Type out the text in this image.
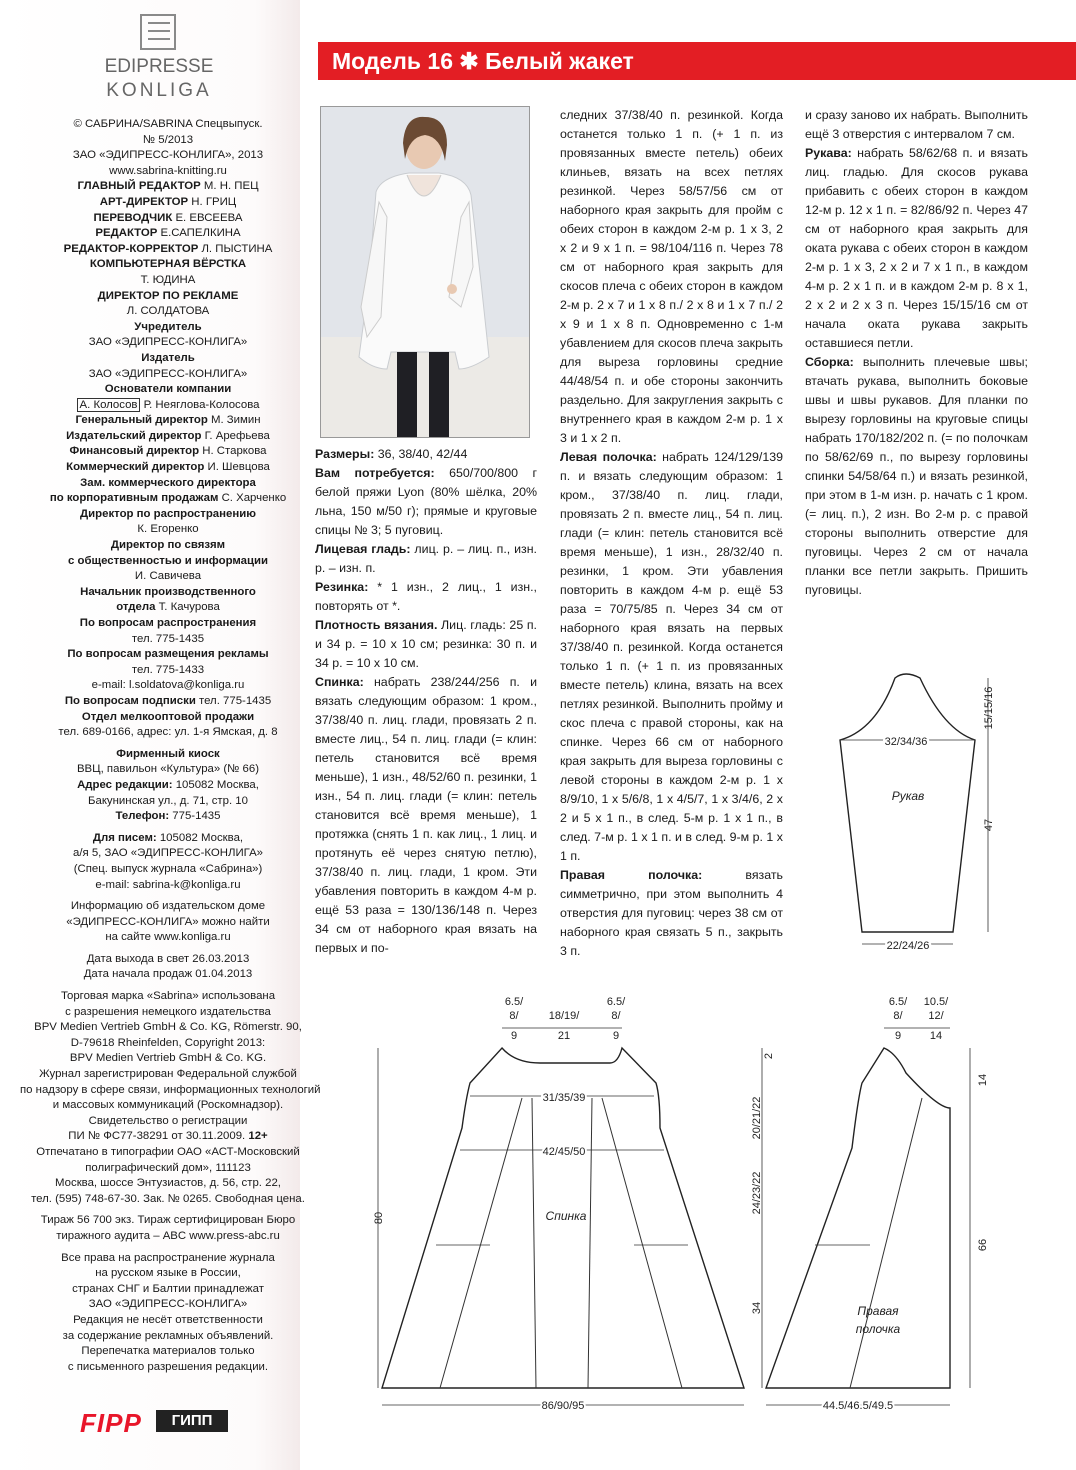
EDIPRESSE
KONLIGA
© САБРИНА/SABRINA Спецвыпуск.
№ 5/2013
ЗАО «ЭДИПРЕСС-КОНЛИГА», 2013
www.sabrina-knitting.ru
ГЛАВНЫЙ РЕДАКТОР М. Н. ПЕЦ
АРТ-ДИРЕКТОР Н. ГРИЦ
ПЕРЕВОДЧИК Е. ЕВСЕЕВА
РЕДАКТОР Е.САПЕЛКИНА
РЕДАКТОР-КОРРЕКТОР Л. ПЫСТИНА
КОМПЬЮТЕРНАЯ ВЁРСТКА
Т. ЮДИНА
ДИРЕКТОР ПО РЕКЛАМЕ
Л. СОЛДАТОВА
Учредитель
ЗАО «ЭДИПРЕСС-КОНЛИГА»
Издатель
ЗАО «ЭДИПРЕСС-КОНЛИГА»
Основатели компании
А. Колосов Р. Неяглова-Колосова
Генеральный директор М. Зимин
Издательский директор Г. Арефьева
Финансовый директор Н. Старкова
Коммерческий директор И. Шевцова
Зам. коммерческого директора
по корпоративным продажам С. Харченко
Директор по распространению
К. Егоренко
Директор по связям
с общественностью и информации
И. Савичева
Начальник производственного
отдела Т. Качурова
По вопросам распространения
тел. 775-1435
По вопросам размещения рекламы
тел. 775-1433
e-mail: l.soldatova@konliga.ru
По вопросам подписки тел. 775-1435
Отдел мелкооптовой продажи
тел. 689-0166, адрес: ул. 1-я Ямская, д. 8
Фирменный киоск
ВВЦ, павильон «Культура» (№ 66)
Адрес редакции: 105082 Москва,
Бакунинская ул., д. 71, стр. 10
Телефон: 775-1435
Для писем: 105082 Москва,
а/я 5, ЗАО «ЭДИПРЕСС-КОНЛИГА»
(Спец. выпуск журнала «Сабрина»)
e-mail: sabrina-k@konliga.ru
Информацию об издательском доме
«ЭДИПРЕСС-КОНЛИГА» можно найти
на сайте www.konliga.ru
Дата выхода в свет 26.03.2013
Дата начала продаж 01.04.2013
Торговая марка «Sabrina» использована
с разрешения немецкого издательства
BPV Medien Vertrieb GmbH & Co. KG, Römerstr. 90,
D-79618 Rheinfelden, Copyright 2013:
BPV Medien Vertrieb GmbH & Co. KG.
Журнал зарегистрирован Федеральной службой
по надзору в сфере связи, информационных технологий
и массовых коммуникаций (Роскомнадзор).
Свидетельство о регистрации
ПИ № ФС77-38291 от 30.11.2009. 12+
Отпечатано в типографии ОАО «АСТ-Московский
полиграфический дом», 111123
Москва, шоссе Энтузиастов, д. 56, стр. 22,
тел. (595) 748-67-30. Зак. № 0265. Свободная цена.
Тираж 56 700 экз. Тираж сертифицирован Бюро
тиражного аудита – ABC www.press-abc.ru
Все права на распространение журнала
на русском языке в России,
странах СНГ и Балтии принадлежат
ЗАО «ЭДИПРЕСС-КОНЛИГА»
Редакция не несёт ответственности
за содержание рекламных объявлений.
Перепечатка материалов только
с письменного разрешения редакции.
FIPP	ГИПП
Модель 16 ✱ Белый жакет

Размеры: 36, 38/40, 42/44

Вам потребуется: 650/700/800 г белой пряжи Lyon (80% шёлка, 20% льна, 150 м/50 г); прямые и круговые спицы № 3; 5 пуговиц.

Лицевая гладь: лиц. р. – лиц. п., изн. р. – изн. п.

Резинка: * 1 изн., 2 лиц., 1 изн., повторять от *.

Плотность вязания. Лиц. гладь: 25 п. и 34 р. = 10 x 10 см; резинка: 30 п. и 34 р. = 10 x 10 см.

Спинка: набрать 238/244/256 п. и вязать следующим образом: 1 кром., 37/38/40 п. лиц. глади, провязать 2 п. вместе лиц., 54 п. лиц. глади (= клин: петель становится всё время меньше), 1 изн., 48/52/60 п. резинки, 1 изн., 54 п. лиц. глади (= клин: петель становится всё время меньше), 1 протяжка (снять 1 п. как лиц., 1 лиц. и протянуть её через снятую петлю), 37/38/40 п. лиц. глади, 1 кром. Эти убавления повторить в каждом 4-м р. ещё 53 раза = 130/136/148 п. Через 34 см от наборного края вязать на первых и по-

следних 37/38/40 п. резинкой. Когда останется только 1 п. (+ 1 п. из провязанных вместе петель) обеих клиньев, вязать на всех петлях резинкой. Через 58/57/56 см от наборного края закрыть для пройм с обеих сторон в каждом 2-м р. 1 x 3, 2 x 2 и 9 x 1 п. = 98/104/116 п. Через 78 см от наборного края закрыть для скосов плеча с обеих сторон в каждом 2-м р. 2 x 7 и 1 x 8 п./ 2 x 8 и 1 x 7 п./ 2 x 9 и 1 x 8 п. Одновременно с 1-м убавлением для скосов плеча закрыть для выреза горловины средние 44/48/54 п. и обе стороны закончить раздельно. Для закругления закрыть с внутреннего края в каждом 2-м р. 1 x 3 и 1 x 2 п.

Левая полочка: набрать 124/129/139 п. и вязать следующим образом: 1 кром., 37/38/40 п. лиц. глади, провязать 2 п. вместе лиц., 54 п. лиц. глади (= клин: петель становится всё время меньше), 1 изн., 28/32/40 п. резинки, 1 кром. Эти убавления повторить в каждом 4-м р. ещё 53 раза = 70/75/85 п. Через 34 см от наборного края вязать на первых 37/38/40 п. резинкой. Когда останется только 1 п. (+ 1 п. из провязанных вместе петель) клина, вязать на всех петлях резинкой. Выполнить пройму и скос плеча с правой стороны, как на спинке. Через 66 см от наборного края закрыть для выреза горловины с левой стороны в каждом 2-м р. 1 x 8/9/10, 1 x 5/6/8, 1 x 4/5/7, 1 x 3/4/6, 2 x 2 и 5 x 1 п., в след. 5-м р. 1 x 1 п., в след. 7-м р. 1 x 1 п. и в след. 9-м р. 1 x 1 п.

Правая полочка: вязать симметрично, при этом выполнить 4 отверстия для пуговиц: через 38 см от наборного края связать 5 п., закрыть 3 п.

и сразу заново их набрать. Выполнить ещё 3 отверстия с интервалом 7 см.

Рукава: набрать 58/62/68 п. и вязать лиц. гладью. Для скосов рукава прибавить с обеих сторон в каждом 12-м р. 12 x 1 п. = 82/86/92 п. Через 47 см от наборного края закрыть для оката рукава с обеих сторон в каждом 2-м р. 1 x 3, 2 x 2 и 7 x 1 п., в каждом 4-м р. 2 x 1 п. и в каждом 2-м р. 8 x 1, 2 x 2 и 2 x 3 п. Через 15/15/16 см от начала оката рукава закрыть оставшиеся петли.

Сборка: выполнить плечевые швы; втачать рукава, выполнить боковые швы и швы рукавов. Для планки по вырезу горловины на круговые спицы набрать 170/182/202 п. (= по полочкам по 58/62/69 п., по вырезу горловины спинки 54/58/64 п.) и вязать резинкой, при этом в 1-м изн. р. начать с 1 кром. (= лиц. п.), 2 изн. Во 2-м р. с правой стороны выполнить отверстие для пуговицы. Через 2 см от начала планки все петли закрыть. Пришить пуговицы.

32/34/36
Рукав
22/24/26
15/15/16
47
6.5/
8/
9
18/19/
21
6.5/
8/
9
31/35/39
42/45/50
Спинка
86/90/95
80
2
20/21/22
24/23/22
34
6.5/
8/
9
10.5/
12/
14
Правая
полочка
44.5/46.5/49.5
14
66
